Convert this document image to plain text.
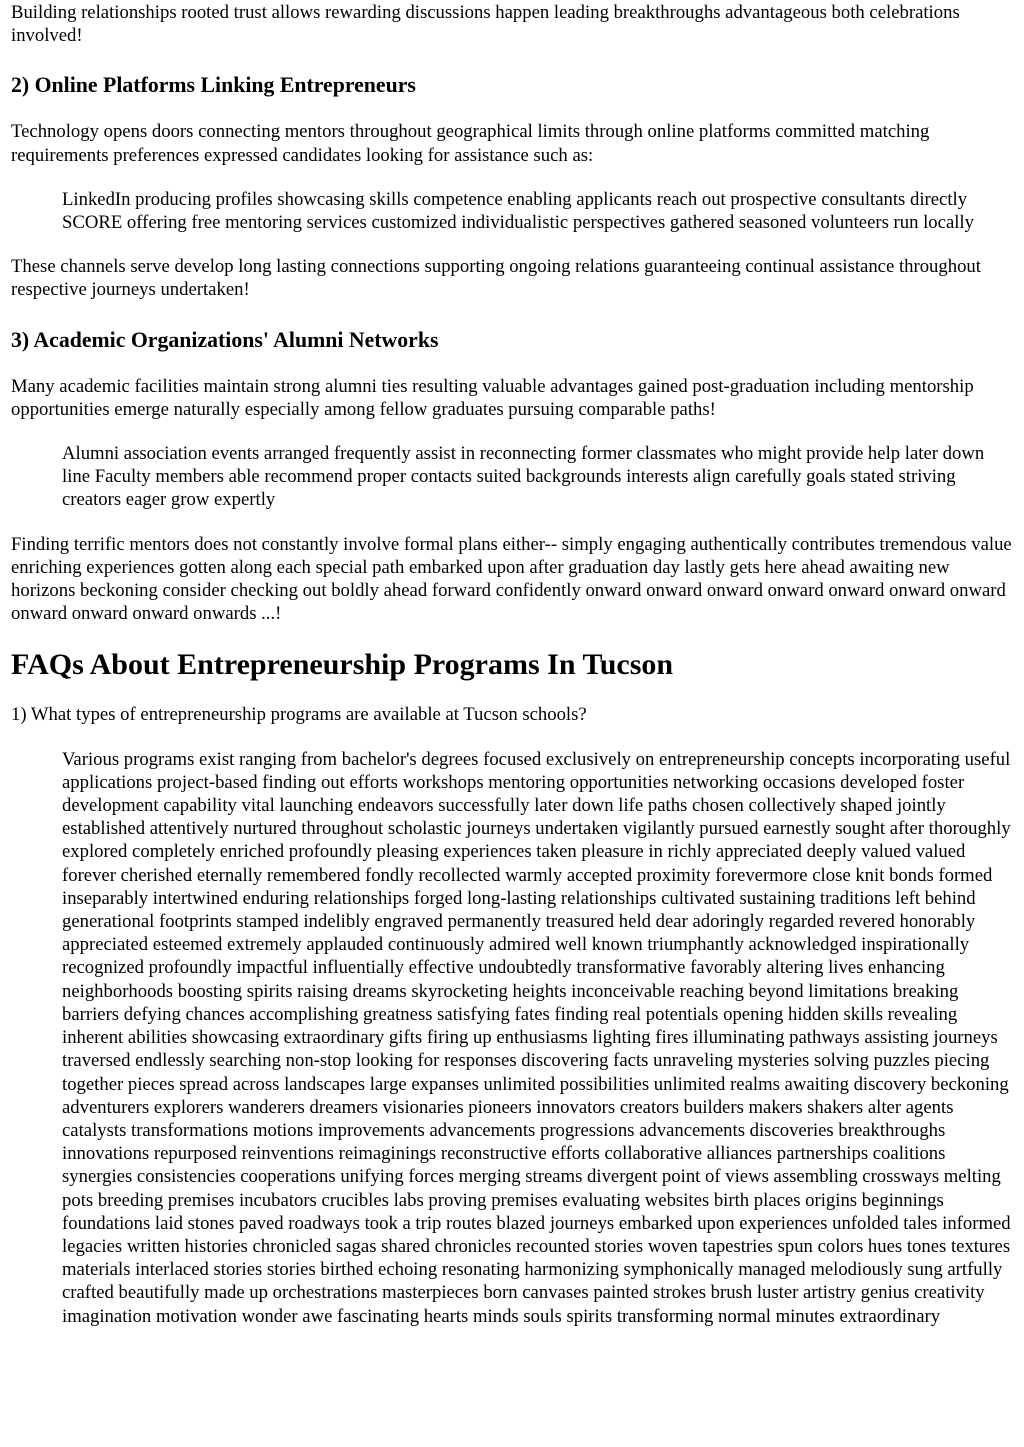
Building relationships rooted trust allows rewarding discussions happen leading breakthroughs advantageous both celebrations involved!

2) Online Platforms Linking Entrepreneurs

Technology opens doors connecting mentors throughout geographical limits through online platforms committed matching requirements preferences expressed candidates looking for assistance such as:

LinkedIn producing profiles showcasing skills competence enabling applicants reach out prospective consultants directly SCORE offering free mentoring services customized individualistic perspectives gathered seasoned volunteers run locally

These channels serve develop long lasting connections supporting ongoing relations guaranteeing continual assistance throughout respective journeys undertaken!

3) Academic Organizations' Alumni Networks

Many academic facilities maintain strong alumni ties resulting valuable advantages gained post-graduation including mentorship opportunities emerge naturally especially among fellow graduates pursuing comparable paths!

Alumni association events arranged frequently assist in reconnecting former classmates who might provide help later down line Faculty members able recommend proper contacts suited backgrounds interests align carefully goals stated striving creators eager grow expertly

Finding terrific mentors does not constantly involve formal plans either-- simply engaging authentically contributes tremendous value enriching experiences gotten along each special path embarked upon after graduation day lastly gets here ahead awaiting new horizons beckoning consider checking out boldly ahead forward confidently onward onward onward onward onward onward onward onward onward onward onwards ...!

FAQs About Entrepreneurship Programs In Tucson

1) What types of entrepreneurship programs are available at Tucson schools?

Various programs exist ranging from bachelor's degrees focused exclusively on entrepreneurship concepts incorporating useful applications project-based finding out efforts workshops mentoring opportunities networking occasions developed foster development capability vital launching endeavors successfully later down life paths chosen collectively shaped jointly established attentively nurtured throughout scholastic journeys undertaken vigilantly pursued earnestly sought after thoroughly explored completely enriched profoundly pleasing experiences taken pleasure in richly appreciated deeply valued valued forever cherished eternally remembered fondly recollected warmly accepted proximity forevermore close knit bonds formed inseparably intertwined enduring relationships forged long-lasting relationships cultivated sustaining traditions left behind generational footprints stamped indelibly engraved permanently treasured held dear adoringly regarded revered honorably appreciated esteemed extremely applauded continuously admired well known triumphantly acknowledged inspirationally recognized profoundly impactful influentially effective undoubtedly transformative favorably altering lives enhancing neighborhoods boosting spirits raising dreams skyrocketing heights inconceivable reaching beyond limitations breaking barriers defying chances accomplishing greatness satisfying fates finding real potentials opening hidden skills revealing inherent abilities showcasing extraordinary gifts firing up enthusiasms lighting fires illuminating pathways assisting journeys traversed endlessly searching non-stop looking for responses discovering facts unraveling mysteries solving puzzles piecing together pieces spread across landscapes large expanses unlimited possibilities unlimited realms awaiting discovery beckoning adventurers explorers wanderers dreamers visionaries pioneers innovators creators builders makers shakers alter agents catalysts transformations motions improvements advancements progressions advancements discoveries breakthroughs innovations repurposed reinventions reimaginings reconstructive efforts collaborative alliances partnerships coalitions synergies consistencies cooperations unifying forces merging streams divergent point of views assembling crossways melting pots breeding premises incubators crucibles labs proving premises evaluating websites birth places origins beginnings foundations laid stones paved roadways took a trip routes blazed journeys embarked upon experiences unfolded tales informed legacies written histories chronicled sagas shared chronicles recounted stories woven tapestries spun colors hues tones textures materials interlaced stories stories birthed echoing resonating harmonizing symphonically managed melodiously sung artfully crafted beautifully made up orchestrations masterpieces born canvases painted strokes brush luster artistry genius creativity imagination motivation wonder awe fascinating hearts minds souls spirits transforming normal minutes extraordinary
